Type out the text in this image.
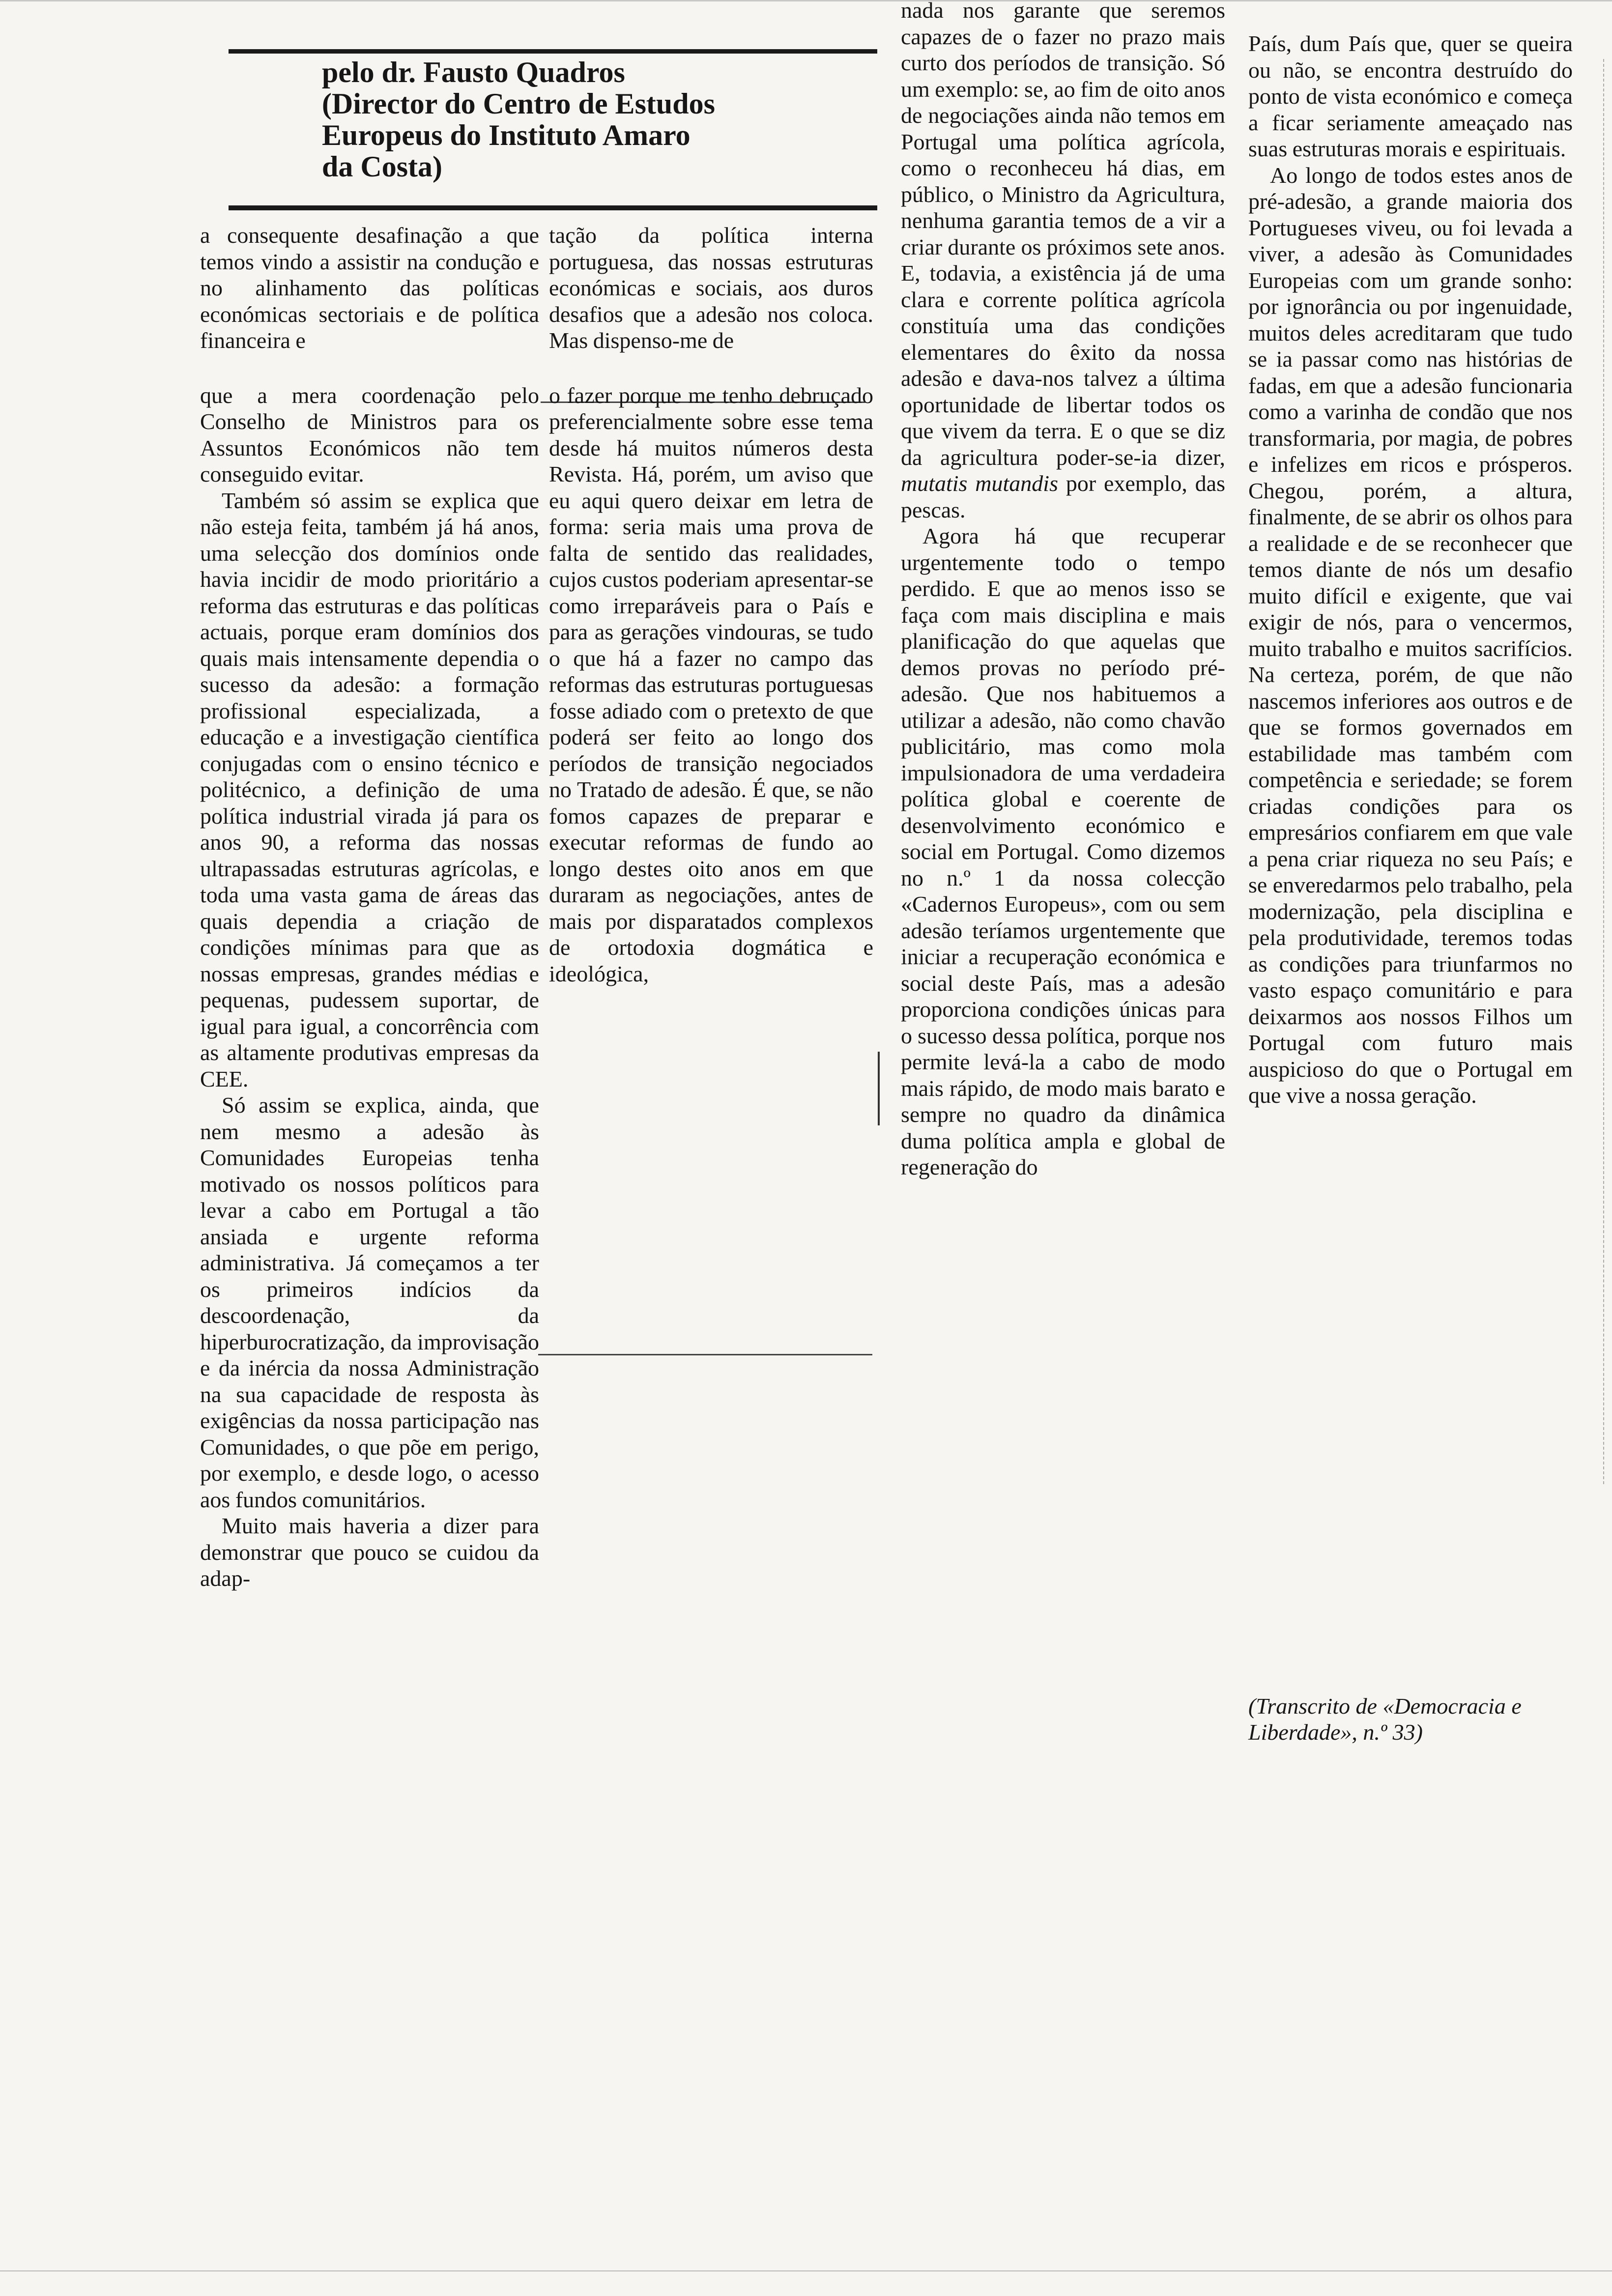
pelo dr. Fausto Quadros
(Director do Centro de Estudos
Europeus do Instituto Amaro
da Costa)

a consequente desafinação a que temos vindo a assistir na condução e no alinhamento das políticas económicas sectoriais e de política financeira e

que a mera coordenação pelo Conselho de Ministros para os Assuntos Económicos não tem conseguido evitar.

Também só assim se explica que não esteja feita, também já há anos, uma selecção dos domínios onde havia incidir de modo prioritário a reforma das estruturas e das políticas actuais, porque eram domínios dos quais mais intensamente dependia o sucesso da adesão: a formação profissional especializada, a educação e a investigação científica conjugadas com o ensino técnico e politécnico, a definição de uma política industrial virada já para os anos 90, a reforma das nossas ultrapassadas estruturas agrícolas, e toda uma vasta gama de áreas das quais dependia a criação de condições mínimas para que as nossas empresas, grandes médias e pequenas, pudessem suportar, de igual para igual, a concorrência com as altamente produtivas empresas da CEE.

Só assim se explica, ainda, que nem mesmo a adesão às Comunidades Europeias tenha motivado os nossos políticos para levar a cabo em Portugal a tão ansiada e urgente reforma administrativa. Já começamos a ter os primeiros indícios da descoordenação, da hiperburocratização, da improvisação e da inércia da nossa Administração na sua capacidade de resposta às exigências da nossa participação nas Comunidades, o que põe em perigo, por exemplo, e desde logo, o acesso aos fundos comunitários.

Muito mais haveria a dizer para demonstrar que pouco se cuidou da adap-

tação da política interna portuguesa, das nossas estruturas económicas e sociais, aos duros desafios que a adesão nos coloca. Mas dispenso-me de

o fazer porque me tenho debruçado preferencialmente sobre esse tema desde há muitos números desta Revista. Há, porém, um aviso que eu aqui quero deixar em letra de forma: seria mais uma prova de falta de sentido das realidades, cujos custos poderiam apresentar-se como irreparáveis para o País e para as gerações vindouras, se tudo o que há a fazer no campo das reformas das estruturas portuguesas fosse adiado com o pretexto de que poderá ser feito ao longo dos períodos de transição negociados no Tratado de adesão. É que, se não fomos capazes de preparar e executar reformas de fundo ao longo destes oito anos em que duraram as negociações, antes de mais por disparatados complexos de ortodoxia dogmática e ideológica,

nada nos garante que seremos capazes de o fazer no prazo mais curto dos períodos de transição. Só um exemplo: se, ao fim de oito anos de negociações ainda não temos em Portugal uma política agrícola, como o reconheceu há dias, em público, o Ministro da Agricultura, nenhuma garantia temos de a vir a criar durante os próximos sete anos. E, todavia, a existência já de uma clara e corrente política agrícola constituía uma das condições elementares do êxito da nossa adesão e dava-nos talvez a última oportunidade de libertar todos os que vivem da terra. E o que se diz da agricultura poder-se-ia dizer, mutatis mutandis por exemplo, das pescas.

Agora há que recuperar urgentemente todo o tempo perdido. E que ao menos isso se faça com mais disciplina e mais planificação do que aquelas que demos provas no período pré-adesão. Que nos habituemos a utilizar a adesão, não como chavão publicitário, mas como mola impulsionadora de uma verdadeira política global e coerente de desenvolvimento económico e social em Portugal. Como dizemos no n.º 1 da nossa colecção «Cadernos Europeus», com ou sem adesão teríamos urgentemente que iniciar a recuperação económica e social deste País, mas a adesão proporciona condições únicas para o sucesso dessa política, porque nos permite levá-la a cabo de modo mais rápido, de modo mais barato e sempre no quadro da dinâmica duma política ampla e global de regeneração do

País, dum País que, quer se queira ou não, se encontra destruído do ponto de vista económico e começa a ficar seriamente ameaçado nas suas estruturas morais e espirituais.

Ao longo de todos estes anos de pré-adesão, a grande maioria dos Portugueses viveu, ou foi levada a viver, a adesão às Comunidades Europeias com um grande sonho: por ignorância ou por ingenuidade, muitos deles acreditaram que tudo se ia passar como nas histórias de fadas, em que a adesão funcionaria como a varinha de condão que nos transformaria, por magia, de pobres e infelizes em ricos e prósperos. Chegou, porém, a altura, finalmente, de se abrir os olhos para a realidade e de se reconhecer que temos diante de nós um desafio muito difícil e exigente, que vai exigir de nós, para o vencermos, muito trabalho e muitos sacrifícios. Na certeza, porém, de que não nascemos inferiores aos outros e de que se formos governados em estabilidade mas também com competência e seriedade; se forem criadas condições para os empresários confiarem em que vale a pena criar riqueza no seu País; e se enveredarmos pelo trabalho, pela modernização, pela disciplina e pela produtividade, teremos todas as condições para triunfarmos no vasto espaço comunitário e para deixarmos aos nossos Filhos um Portugal com futuro mais auspicioso do que o Portugal em que vive a nossa geração.

(Transcrito de «Democracia e Liberdade», n.º 33)
